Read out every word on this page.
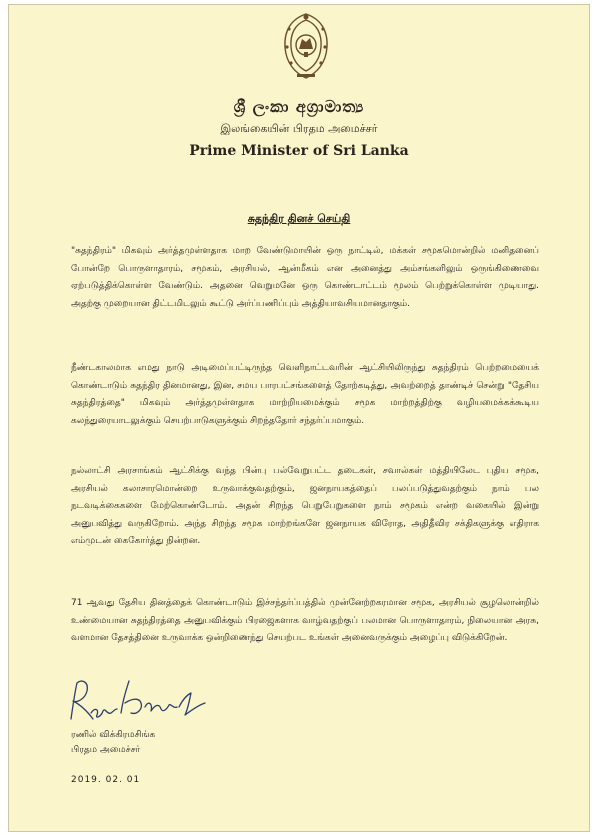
ශ්‍රී ලංකා අග්‍රාමාත්‍ය
இலங்கையின் பிரதம அமைச்சர்
Prime Minister of Sri Lanka
சுதந்திர தினச் செய்தி
"சுதந்திரம்" மிகவும் அர்த்தமுள்ளதாக மாற வேண்டுமாயின் ஒரு நாட்டில், மக்கள் சமூகமொன்றில் மனிதனைப் போன்றே பொருளாதாரம், சமூகம், அரசியல், ஆன்மீகம் என அனைத்து அம்சங்களிலும் ஒருங்கிணைவை ஏற்படுத்திக்கொள்ள வேண்டும். அதனை வெறுமனே ஒரு கொண்டாட்டம் மூலம் பெற்றுக்கொள்ள முடியாது. அதற்கு முறையான திட்டமிடலும் கூட்டு அர்ப்பணிப்பும் அத்தியாவசியமானதாகும்.
நீண்டகாலமாக எமது நாடு அடிமைப்பட்டிருந்த வெளிநாட்டவரின் ஆட்சியிலிருந்து சுதந்திரம் பெற்றமையைக் கொண்டாடும் சுதந்திர தினமானது, இன, சமய பாரபட்சங்களைத் தோற்கடித்து, அவற்றைத் தாண்டிச் சென்று "தேசிய சுதந்திரத்தை" மிகவும் அர்த்தமுள்ளதாக மாற்றியமைக்கும் சமூக மாற்றத்திற்கு வழியமைக்கக்கூடிய கலந்துரையாடலுக்கும் செயற்பாடுகளுக்கும் சிறந்ததோர் சந்தர்ப்பமாகும்.
நல்லாட்சி அரசாங்கம் ஆட்சிக்கு வந்த பின்பு பல்வேறுபட்ட தடைகள், சவால்கள் மத்தியிலேட புதிய சமூக, அரசியல் கலாசாரமொன்றை உருவாக்குவதற்கும், ஜனநாயகத்தைப் பலப்படுத்துவதற்கும் நாம் பல நடவடிக்கைகளை மேற்கொண்டோம். அதன் சிறந்த பெறுபேறுகளை நாம் சமூகம் என்ற வகையில் இன்று அனுபவித்து வருகிறோம். அந்த சிறந்த சமூக மாற்றங்களே ஜனநாயக விரோத, அதிதீவிர சக்திகளுக்கு எதிராக எம்முடன் கைகோர்த்து நின்றன.
71 ஆவது தேசிய தினத்தைக் கொண்டாடும் இச்சந்தர்ப்பத்தில் முன்னேற்றகரமான சமூக, அரசியல் சூழலொன்றில் உண்மையான சுதந்திரத்தை அனுபவிக்கும் பிரஜைகளாக வாழ்வதற்குப் பலமான பொருளாதாரம், நிலையான அரசு, வளமான தேசத்தினை உருவாக்க ஒன்றிணைந்து செயற்பட உங்கள் அனைவருக்கும் அழைப்பு விடுக்கிறேன்.
ரணில் விக்கிரமசிங்க
பிரதம அமைச்சர்
2019. 02. 01
